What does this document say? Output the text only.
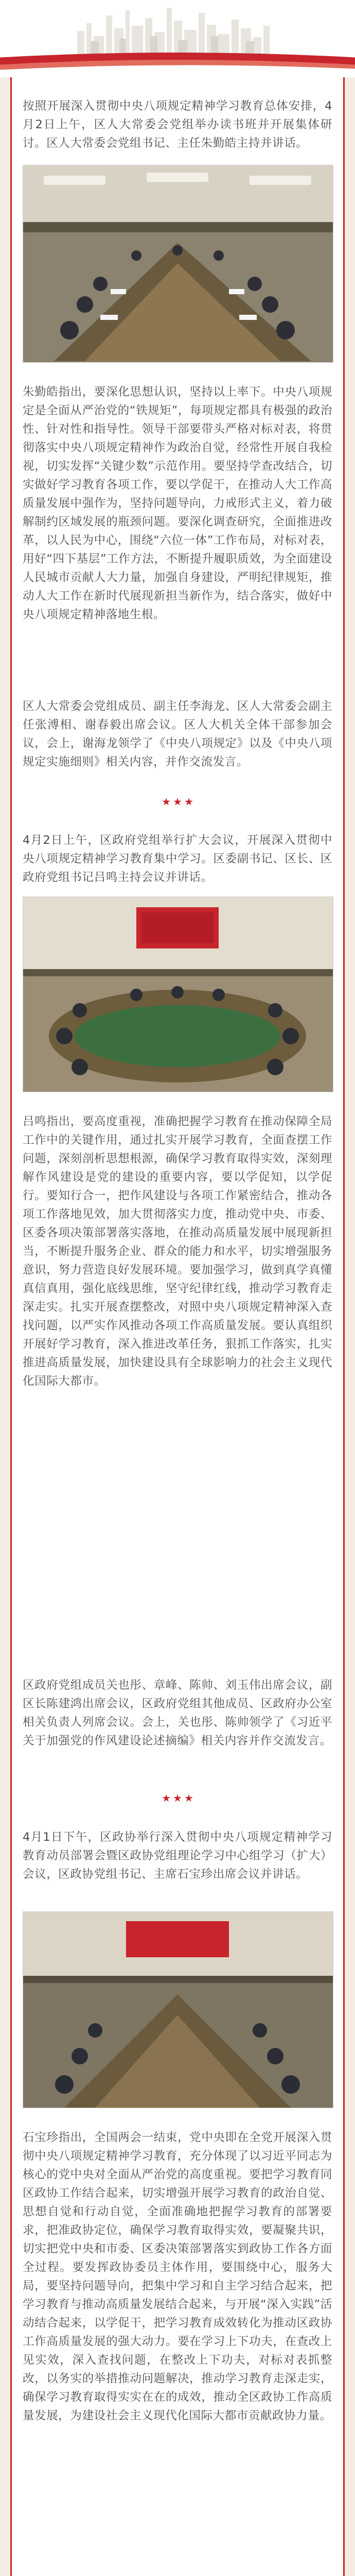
按照开展深入贯彻中央八项规定精神学习教育总体安排，4月2日上午，区人大常委会党组举办读书班并开展集体研讨。区人大常委会党组书记、主任朱勤皓主持并讲话。

朱勤皓指出，要深化思想认识，坚持以上率下。中央八项规定是全面从严治党的“铁规矩”，每项规定都具有极强的政治性、针对性和指导性。领导干部要带头严格对标对表，将贯彻落实中央八项规定精神作为政治自觉，经常性开展自我检视，切实发挥“关键少数”示范作用。要坚持学查改结合，切实做好学习教育各项工作，要以学促干，在推动人大工作高质量发展中强作为，坚持问题导向，力戒形式主义，着力破解制约区域发展的瓶颈问题。要深化调查研究，全面推进改革，以人民为中心，围绕“六位一体”工作布局，对标对表，用好“四下基层”工作方法，不断提升履职质效，为全面建设人民城市贡献人大力量，加强自身建设，严明纪律规矩，推动人大工作在新时代展现新担当新作为，结合落实，做好中央八项规定精神落地生根。

区人大常委会党组成员、副主任李海龙、区人大常委会副主任张溥相、谢春毅出席会议。区人大机关全体干部参加会议，会上，谢海龙领学了《中央八项规定》以及《中央八项规定实施细则》相关内容，并作交流发言。

★ ★ ★

4月2日上午，区政府党组举行扩大会议，开展深入贯彻中央八项规定精神学习教育集中学习。区委副书记、区长、区政府党组书记吕鸣主持会议并讲话。

吕鸣指出，要高度重视，准确把握学习教育在推动保障全局工作中的关键作用，通过扎实开展学习教育，全面查摆工作问题，深刻剖析思想根源，确保学习教育取得实效，深刻理解作风建设是党的建设的重要内容，要以学促知，以学促行。要知行合一，把作风建设与各项工作紧密结合，推动各项工作落地见效，加大贯彻落实力度，推动党中央、市委、区委各项决策部署落实落地，在推动高质量发展中展现新担当，不断提升服务企业、群众的能力和水平，切实增强服务意识，努力营造良好发展环境。要加强学习，做到真学真懂真信真用，强化底线思维，坚守纪律红线，推动学习教育走深走实。扎实开展查摆整改，对照中央八项规定精神深入查找问题，以严实作风推动各项工作高质量发展。要认真组织开展好学习教育，深入推进改革任务，狠抓工作落实，扎实推进高质量发展，加快建设具有全球影响力的社会主义现代化国际大都市。

区政府党组成员关也彤、章峰、陈帅、刘玉伟出席会议，副区长陈建鸿出席会议，区政府党组其他成员、区政府办公室相关负责人列席会议。会上，关也彤、陈帅领学了《习近平关于加强党的作风建设论述摘编》相关内容并作交流发言。

★ ★ ★

4月1日下午，区政协举行深入贯彻中央八项规定精神学习教育动员部署会暨区政协党组理论学习中心组学习（扩大）会议，区政协党组书记、主席石宝珍出席会议并讲话。

石宝珍指出，全国两会一结束，党中央即在全党开展深入贯彻中央八项规定精神学习教育，充分体现了以习近平同志为核心的党中央对全面从严治党的高度重视。要把学习教育同区政协工作结合起来，切实增强开展学习教育的政治自觉、思想自觉和行动自觉，全面准确地把握学习教育的部署要求，把准政协定位，确保学习教育取得实效，要凝聚共识，切实把党中央和市委、区委决策部署落实到政协工作各方面全过程。要发挥政协委员主体作用，要围绕中心，服务大局，要坚持问题导向，把集中学习和自主学习结合起来，把学习教育与推动高质量发展结合起来，与开展“深入实践”活动结合起来，以学促干，把学习教育成效转化为推动区政协工作高质量发展的强大动力。要在学习上下功夫，在查改上见实效，深入查找问题，在整改上下功夫，对标对表抓整改，以务实的举措推动问题解决，推动学习教育走深走实，确保学习教育取得实实在在的成效，推动全区政协工作高质量发展，为建设社会主义现代化国际大都市贡献政协力量。
